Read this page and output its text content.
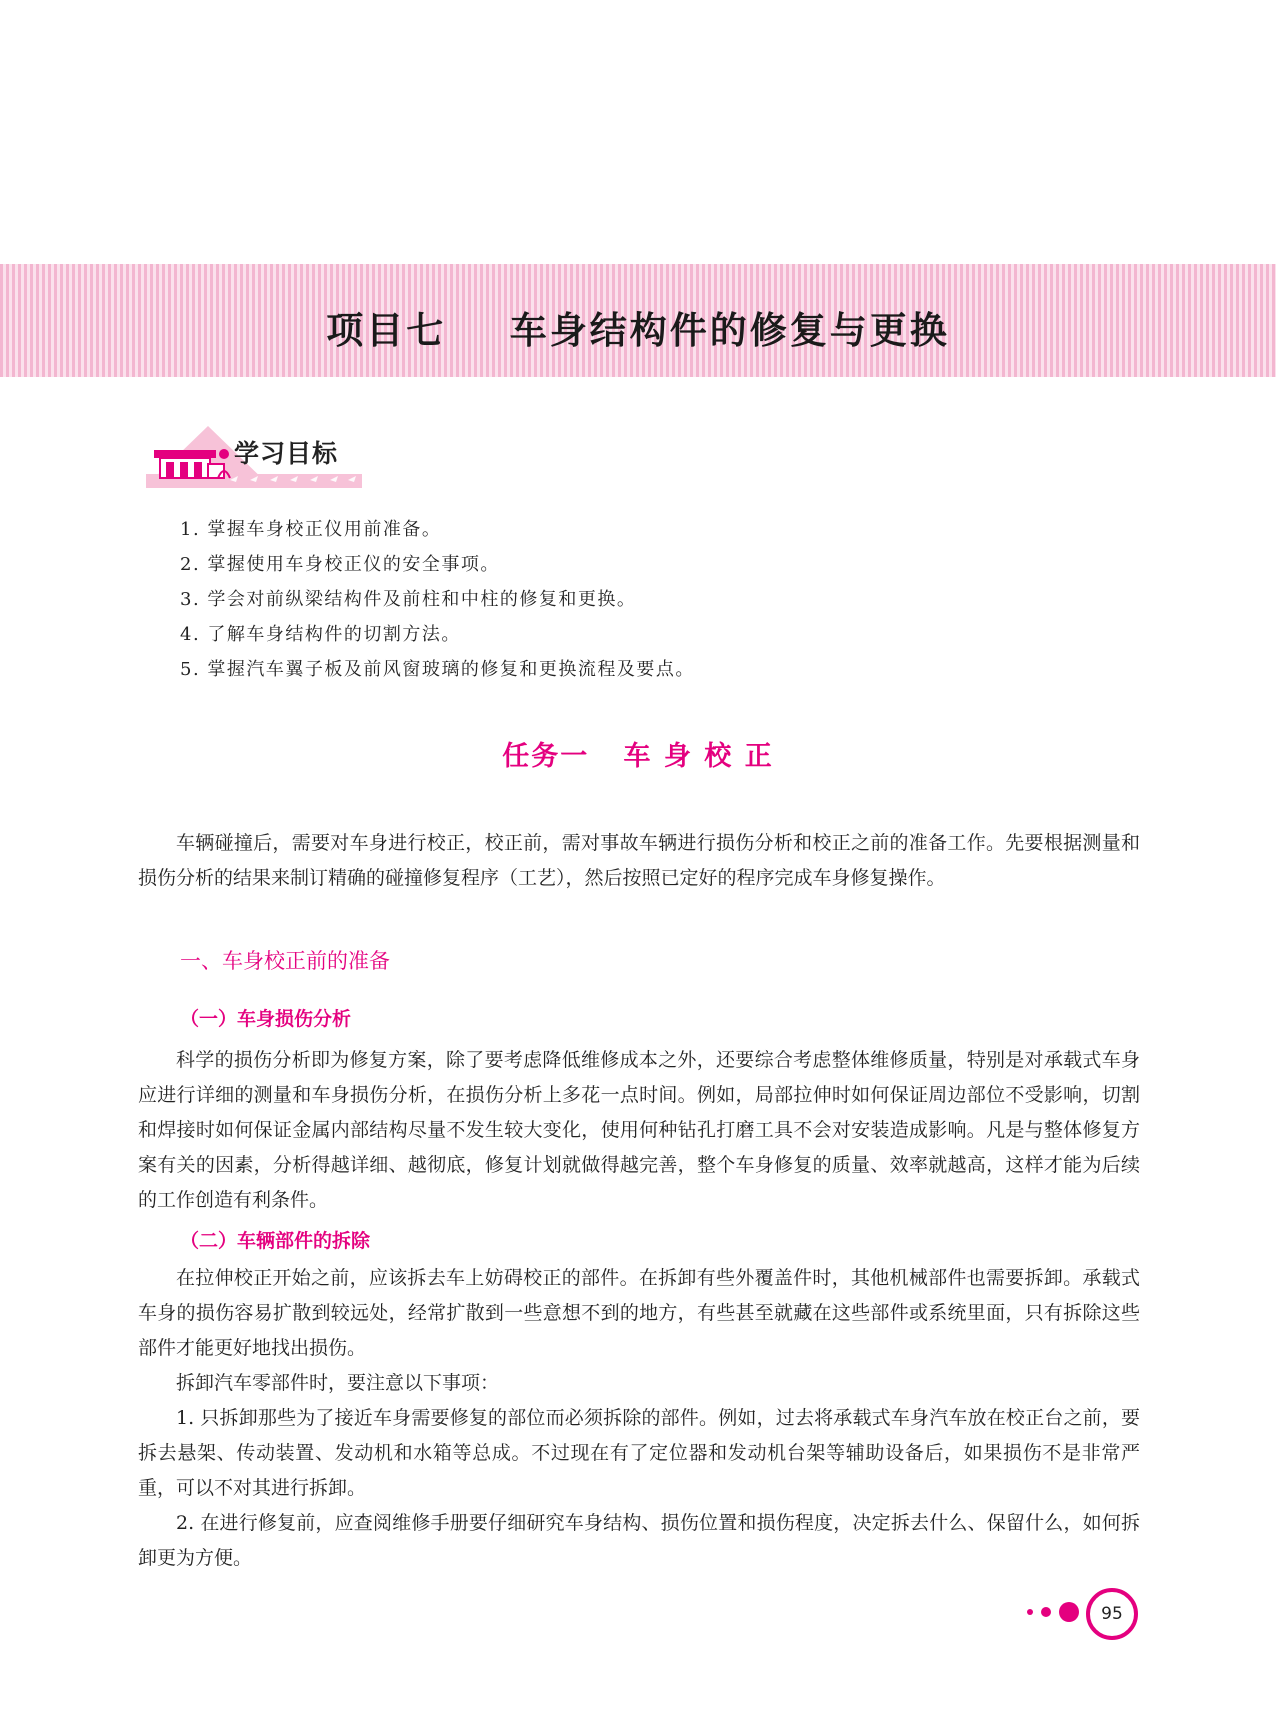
项目七    车身结构件的修复与更换
学习目标
1. 掌握车身校正仪用前准备。
2. 掌握使用车身校正仪的安全事项。
3. 学会对前纵梁结构件及前柱和中柱的修复和更换。
4. 了解车身结构件的切割方法。
5. 掌握汽车翼子板及前风窗玻璃的修复和更换流程及要点。
任务一   车 身 校 正

车辆碰撞后，需要对车身进行校正，校正前，需对事故车辆进行损伤分析和校正之前的准备工作。先要根据测量和损伤分析的结果来制订精确的碰撞修复程序（工艺），然后按照已定好的程序完成车身修复操作。

一、车身校正前的准备
（一）车身损伤分析

科学的损伤分析即为修复方案，除了要考虑降低维修成本之外，还要综合考虑整体维修质量，特别是对承载式车身应进行详细的测量和车身损伤分析，在损伤分析上多花一点时间。例如，局部拉伸时如何保证周边部位不受影响，切割和焊接时如何保证金属内部结构尽量不发生较大变化，使用何种钻孔打磨工具不会对安装造成影响。凡是与整体修复方案有关的因素，分析得越详细、越彻底，修复计划就做得越完善，整个车身修复的质量、效率就越高，这样才能为后续的工作创造有利条件。

（二）车辆部件的拆除

在拉伸校正开始之前，应该拆去车上妨碍校正的部件。在拆卸有些外覆盖件时，其他机械部件也需要拆卸。承载式车身的损伤容易扩散到较远处，经常扩散到一些意想不到的地方，有些甚至就藏在这些部件或系统里面，只有拆除这些部件才能更好地找出损伤。

拆卸汽车零部件时，要注意以下事项：

1. 只拆卸那些为了接近车身需要修复的部位而必须拆除的部件。例如，过去将承载式车身汽车放在校正台之前，要拆去悬架、传动装置、发动机和水箱等总成。不过现在有了定位器和发动机台架等辅助设备后，如果损伤不是非常严重，可以不对其进行拆卸。

2. 在进行修复前，应查阅维修手册要仔细研究车身结构、损伤位置和损伤程度，决定拆去什么、保留什么，如何拆卸更为方便。

95
